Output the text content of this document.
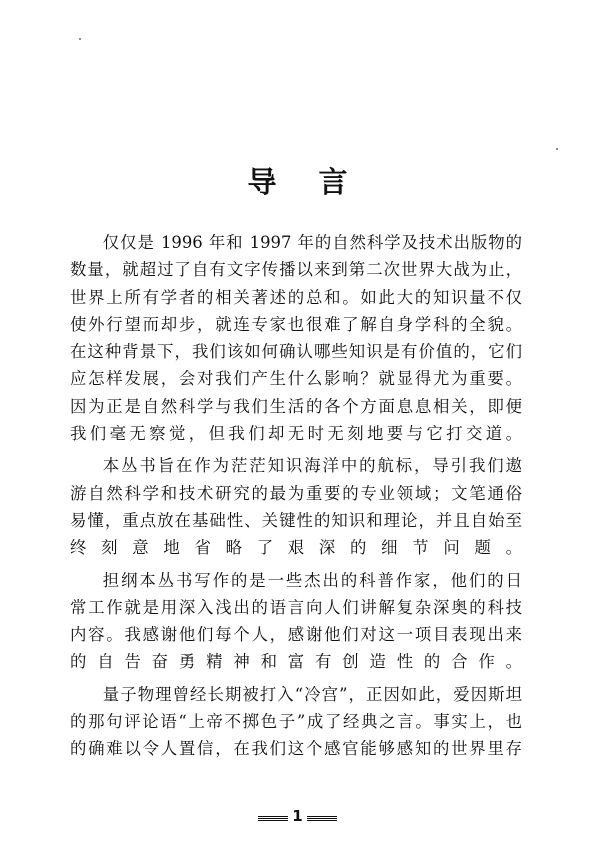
导 言
仅仅是 1996 年和 1997 年的自然科学及技术出版物的
数量，就超过了自有文字传播以来到第二次世界大战为止，
世界上所有学者的相关著述的总和。如此大的知识量不仅
使外行望而却步，就连专家也很难了解自身学科的全貌。
在这种背景下，我们该如何确认哪些知识是有价值的，它们
应怎样发展，会对我们产生什么影响？就显得尤为重要。
因为正是自然科学与我们生活的各个方面息息相关，即便
我们毫无察觉，但我们却无时无刻地要与它打交道。
本丛书旨在作为茫茫知识海洋中的航标，导引我们遨
游自然科学和技术研究的最为重要的专业领域；文笔通俗
易懂，重点放在基础性、关键性的知识和理论，并且自始至
终刻意地省略了艰深的细节问题。
担纲本丛书写作的是一些杰出的科普作家，他们的日
常工作就是用深入浅出的语言向人们讲解复杂深奥的科技
内容。我感谢他们每个人，感谢他们对这一项目表现出来
的自告奋勇精神和富有创造性的合作。
量子物理曾经长期被打入“冷宫”，正因如此，爱因斯坦
的那句评论语“上帝不掷色子”成了经典之言。事实上，也
的确难以令人置信，在我们这个感官能够感知的世界里存
1
